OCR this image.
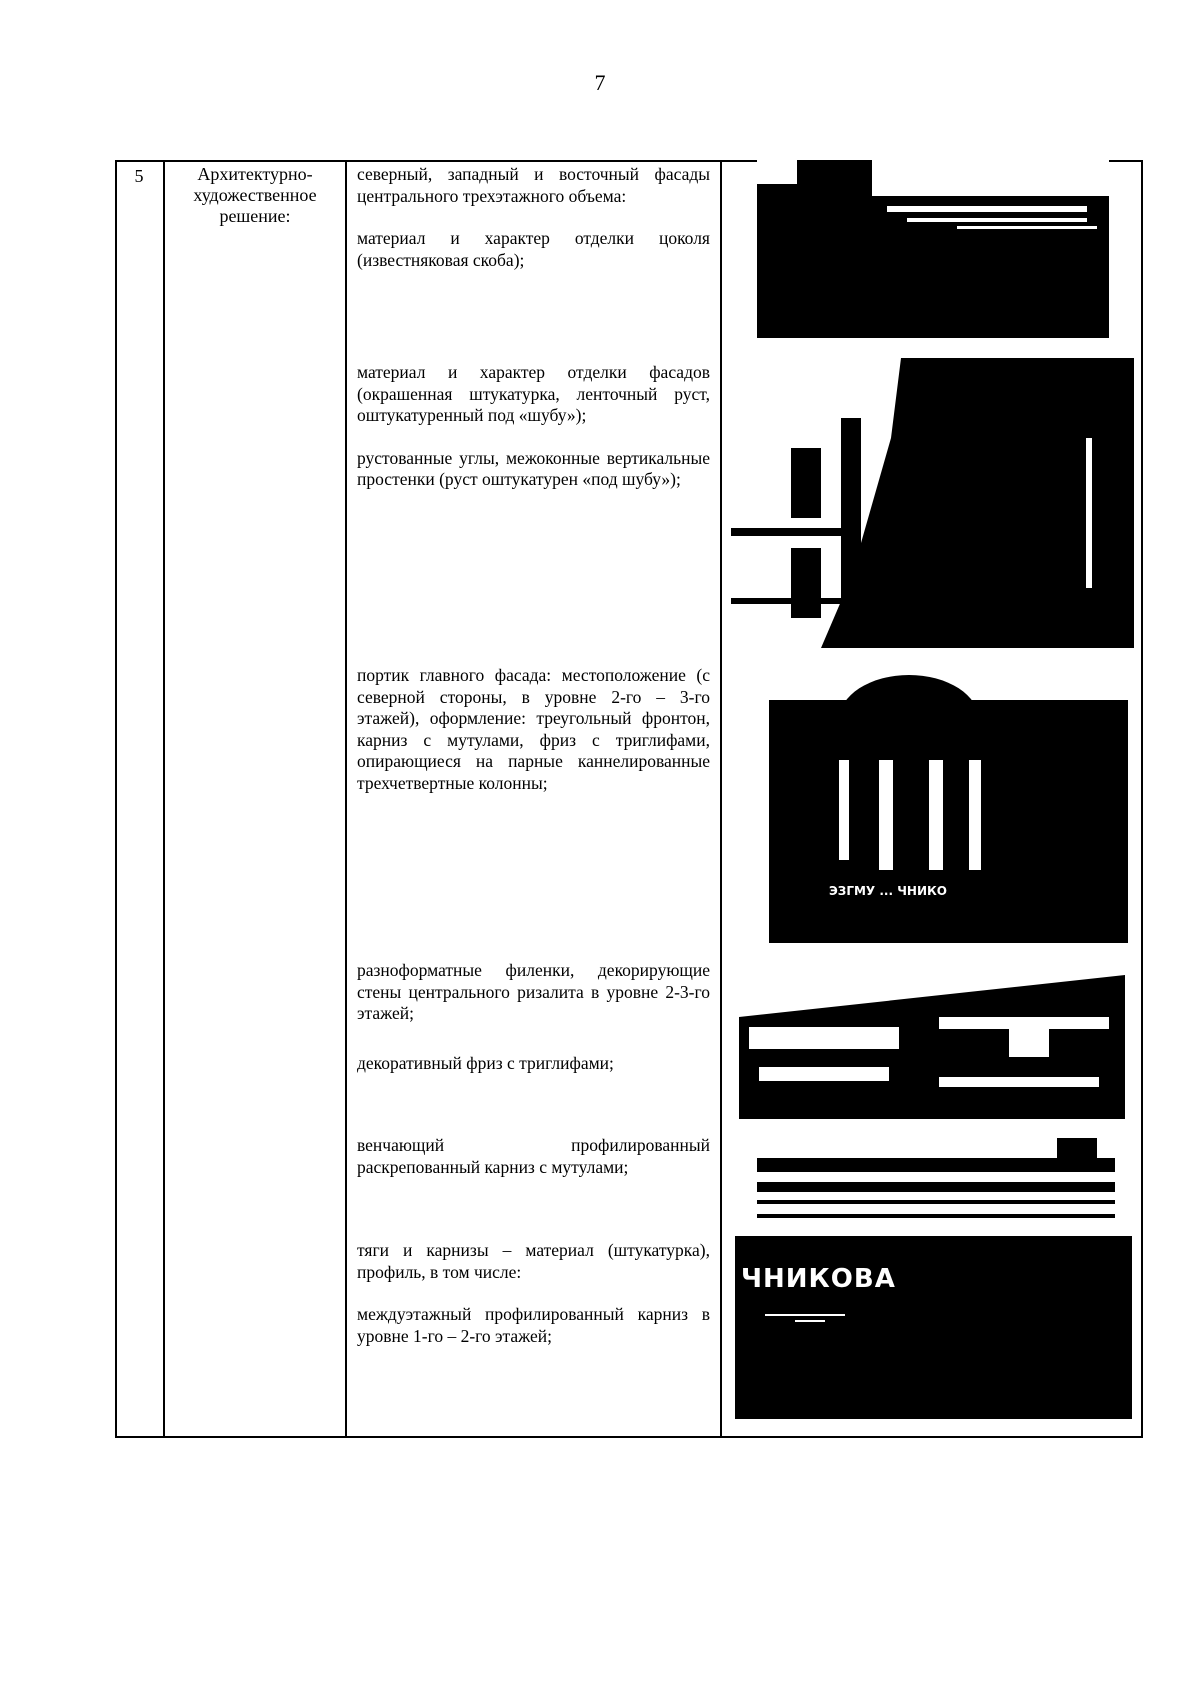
7
5	Архитектурно-
художественное
решение:

северный, западный и восточный фасады центрального трехэтажного объема:

материал и характер отделки цоколя (известняковая скоба);

материал и характер отделки фасадов (окрашенная штукатурка, ленточный руст, оштукатуренный под «шубу»);

рустованные углы, межоконные вертикальные простенки (руст оштукатурен «под шубу»);

портик главного фасада: местоположение (с северной стороны, в уровне 2-го – 3-го этажей), оформление: треугольный фронтон, карниз с мутулами, фриз с триглифами, опирающиеся на парные каннелированные трехчетвертные колонны;

разноформатные филенки, декорирующие стены центрального ризалита в уровне 2-3-го этажей;

декоративный фриз с триглифами;

венчающий профилированный раскрепованный карниз с мутулами;

тяги и карнизы – материал (штукатурка), профиль, в том числе:

междуэтажный профилированный карниз в уровне 1-го – 2-го этажей;

ЭЗГМУ ... ЧНИКО
ЧНИКОВА
